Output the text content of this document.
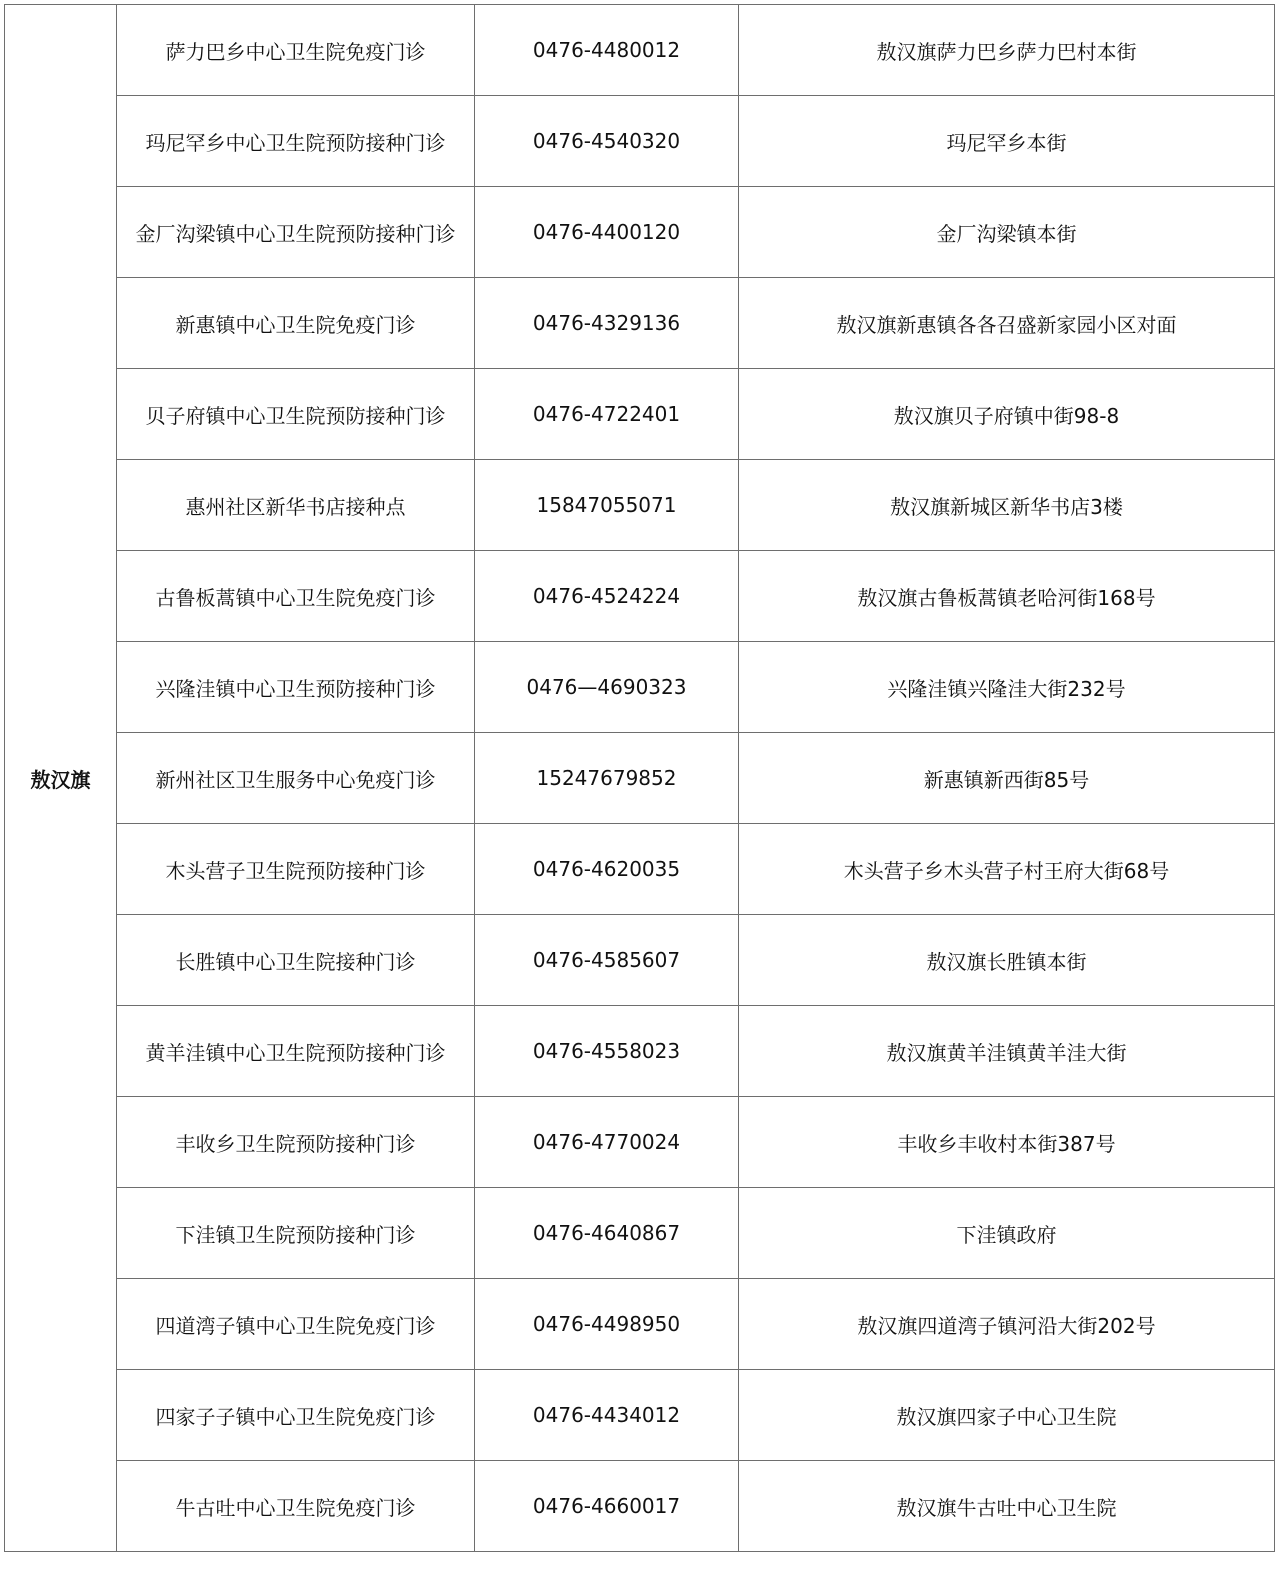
敖汉旗	萨力巴乡中心卫生院免疫门诊	0476-4480012	敖汉旗萨力巴乡萨力巴村本街
	玛尼罕乡中心卫生院预防接种门诊	0476-4540320	玛尼罕乡本街
	金厂沟梁镇中心卫生院预防接种门诊	0476-4400120	金厂沟梁镇本街
	新惠镇中心卫生院免疫门诊	0476-4329136	敖汉旗新惠镇各各召盛新家园小区对面
	贝子府镇中心卫生院预防接种门诊	0476-4722401	敖汉旗贝子府镇中街98-8
	惠州社区新华书店接种点	15847055071	敖汉旗新城区新华书店3楼
	古鲁板蒿镇中心卫生院免疫门诊	0476-4524224	敖汉旗古鲁板蒿镇老哈河街168号
	兴隆洼镇中心卫生预防接种门诊	0476—4690323	兴隆洼镇兴隆洼大街232号
	新州社区卫生服务中心免疫门诊	15247679852	新惠镇新西街85号
	木头营子卫生院预防接种门诊	0476-4620035	木头营子乡木头营子村王府大街68号
	长胜镇中心卫生院接种门诊	0476-4585607	敖汉旗长胜镇本街
	黄羊洼镇中心卫生院预防接种门诊	0476-4558023	敖汉旗黄羊洼镇黄羊洼大街
	丰收乡卫生院预防接种门诊	0476-4770024	丰收乡丰收村本街387号
	下洼镇卫生院预防接种门诊	0476-4640867	下洼镇政府
	四道湾子镇中心卫生院免疫门诊	0476-4498950	敖汉旗四道湾子镇河沿大街202号
	四家子子镇中心卫生院免疫门诊	0476-4434012	敖汉旗四家子中心卫生院
	牛古吐中心卫生院免疫门诊	0476-4660017	敖汉旗牛古吐中心卫生院
